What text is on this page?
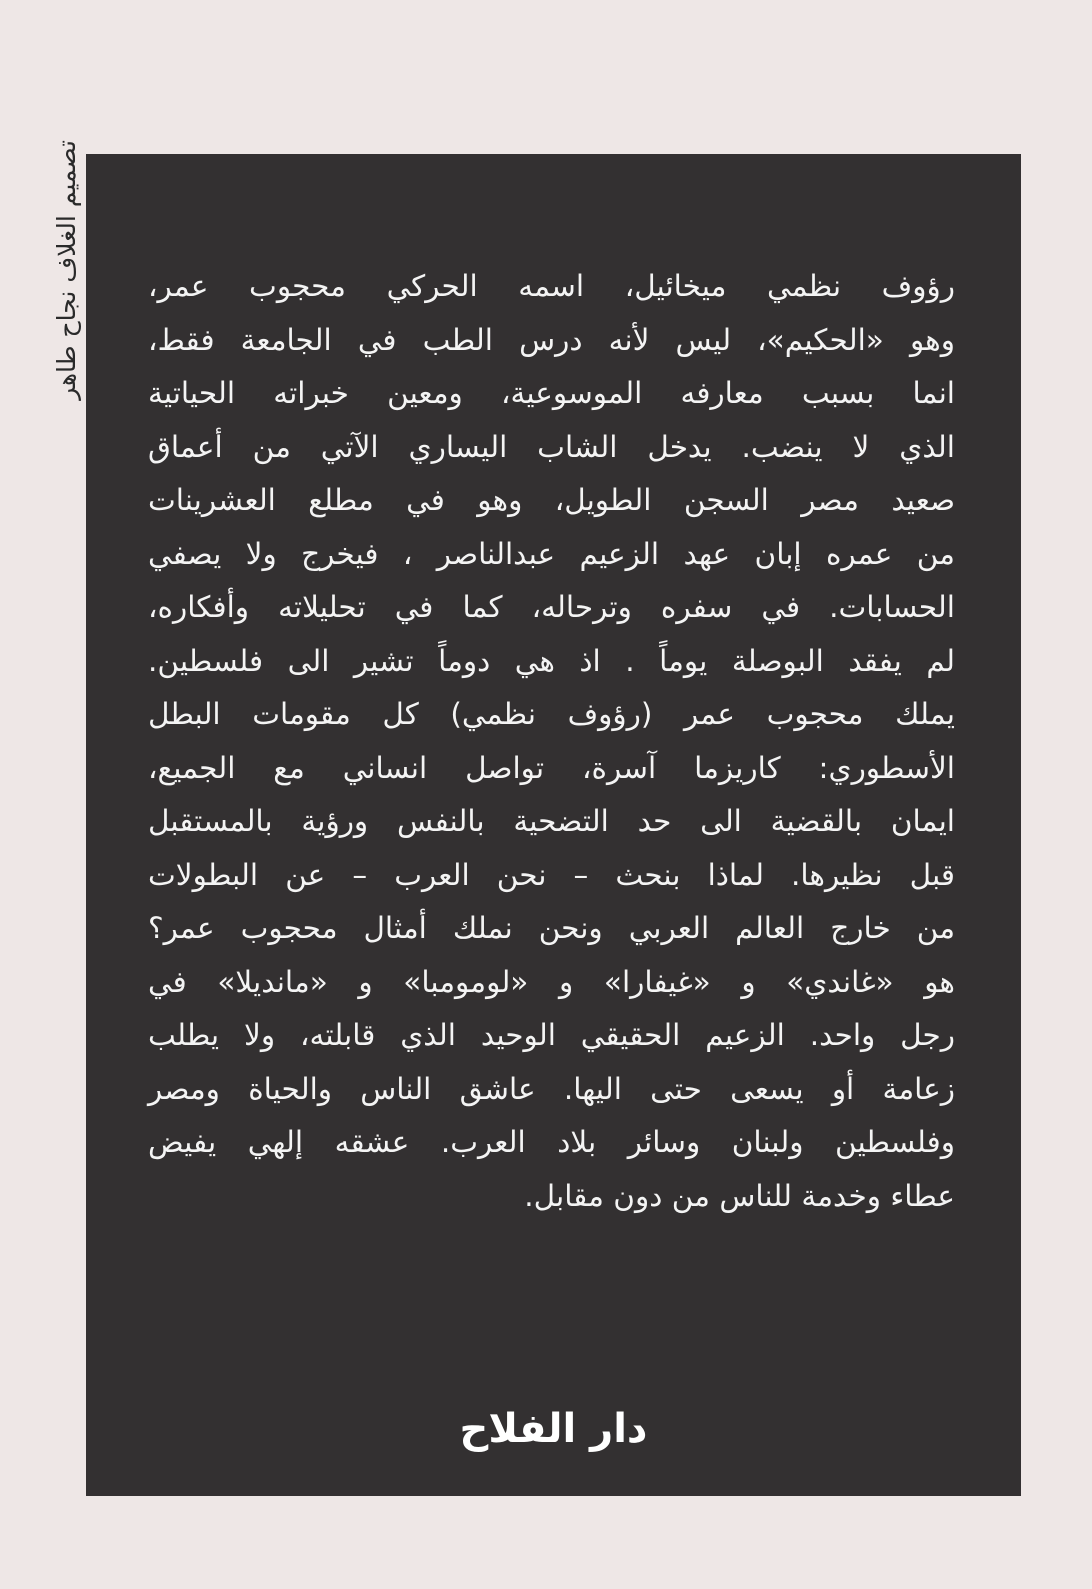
تصميم الغلاف نجاح طاهر رؤوف نظمي ميخائيل، اسمه الحركي محجوب عمر،
وهو «الحكيم»، ليس لأنه درس الطب في الجامعة فقط،
انما بسبب معارفه الموسوعية، ومعين خبراته الحياتية
الذي لا ينضب. يدخل الشاب اليساري الآتي من أعماق
صعيد مصر السجن الطويل، وهو في مطلع العشرينات
من عمره إبان عهد الزعيم عبدالناصر ، فيخرج ولا يصفي
الحسابات. في سفره وترحاله، كما في تحليلاته وأفكاره،
لم يفقد البوصلة يوماً . اذ هي دوماً تشير الى فلسطين.
يملك محجوب عمر (رؤوف نظمي) كل مقومات البطل
الأسطوري: كاريزما آسرة، تواصل انساني مع الجميع،
ايمان بالقضية الى حد التضحية بالنفس ورؤية بالمستقبل
قبل نظيرها. لماذا بنحث – نحن العرب – عن البطولات
من خارج العالم العربي ونحن نملك أمثال محجوب عمر؟
هو «غاندي» و «غيفارا» و «لومومبا» و «مانديلا» في
رجل واحد. الزعيم الحقيقي الوحيد الذي قابلته، ولا يطلب
زعامة أو يسعى حتى اليها. عاشق الناس والحياة ومصر
وفلسطين ولبنان وسائر بلاد العرب. عشقه إلهي يفيض
عطاء وخدمة للناس من دون مقابل.
دار الفلاح
